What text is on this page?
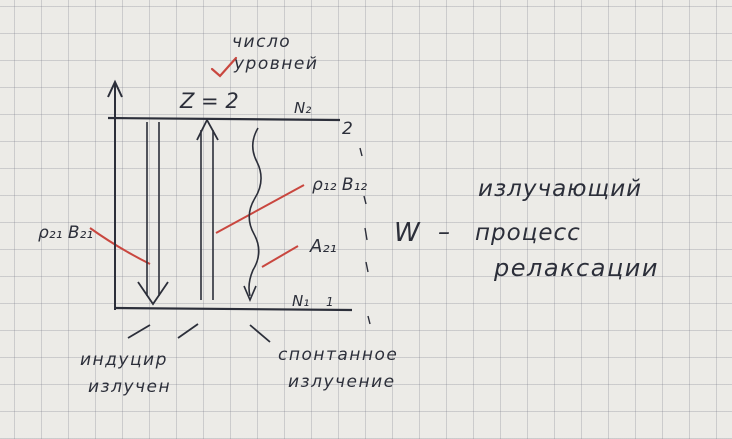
число уровней
Z = 2	N₂
2
ρ₁₂ B₁₂
ρ₂₁ B₂₁
A₂₁
N₁ 1
W –
излучающий
процесс
релаксации
индуцир
излучен
спонтанное
излучение
